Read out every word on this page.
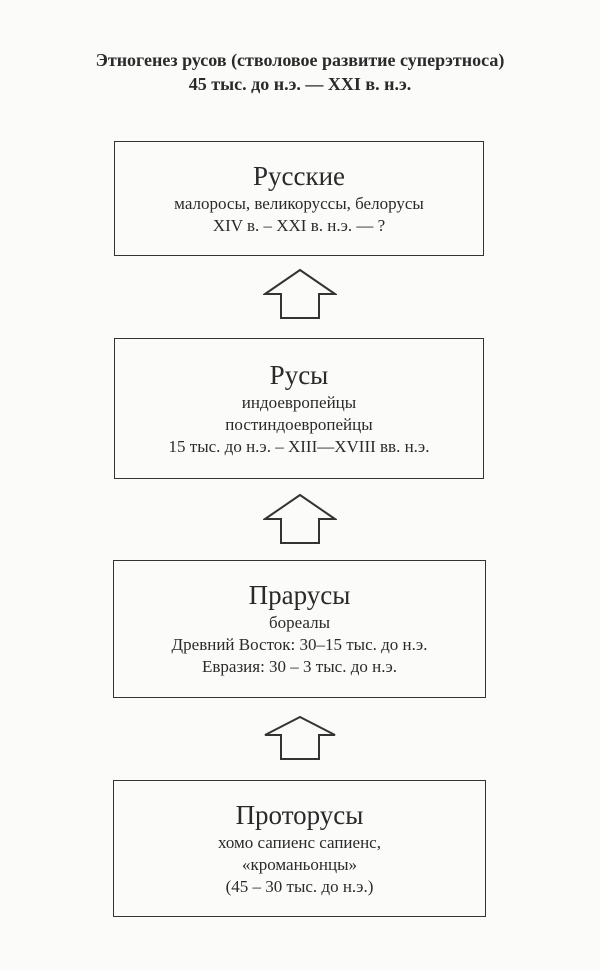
Этногенез русов (стволовое развитие суперэтноса)
45 тыс. до н.э. — XXI в. н.э.
Русские
малоросы, великоруссы, белорусы
XIV в. – XXI в. н.э. — ?
Русы
индоевропейцы
постиндоевропейцы
15 тыс. до н.э. – XIII—XVIII вв. н.э.
Прарусы
бореалы
Древний Восток: 30–15 тыс. до н.э.
Евразия: 30 – 3 тыс. до н.э.
Проторусы
хомо сапиенс сапиенс,
«кроманьонцы»
(45 – 30 тыс. до н.э.)
